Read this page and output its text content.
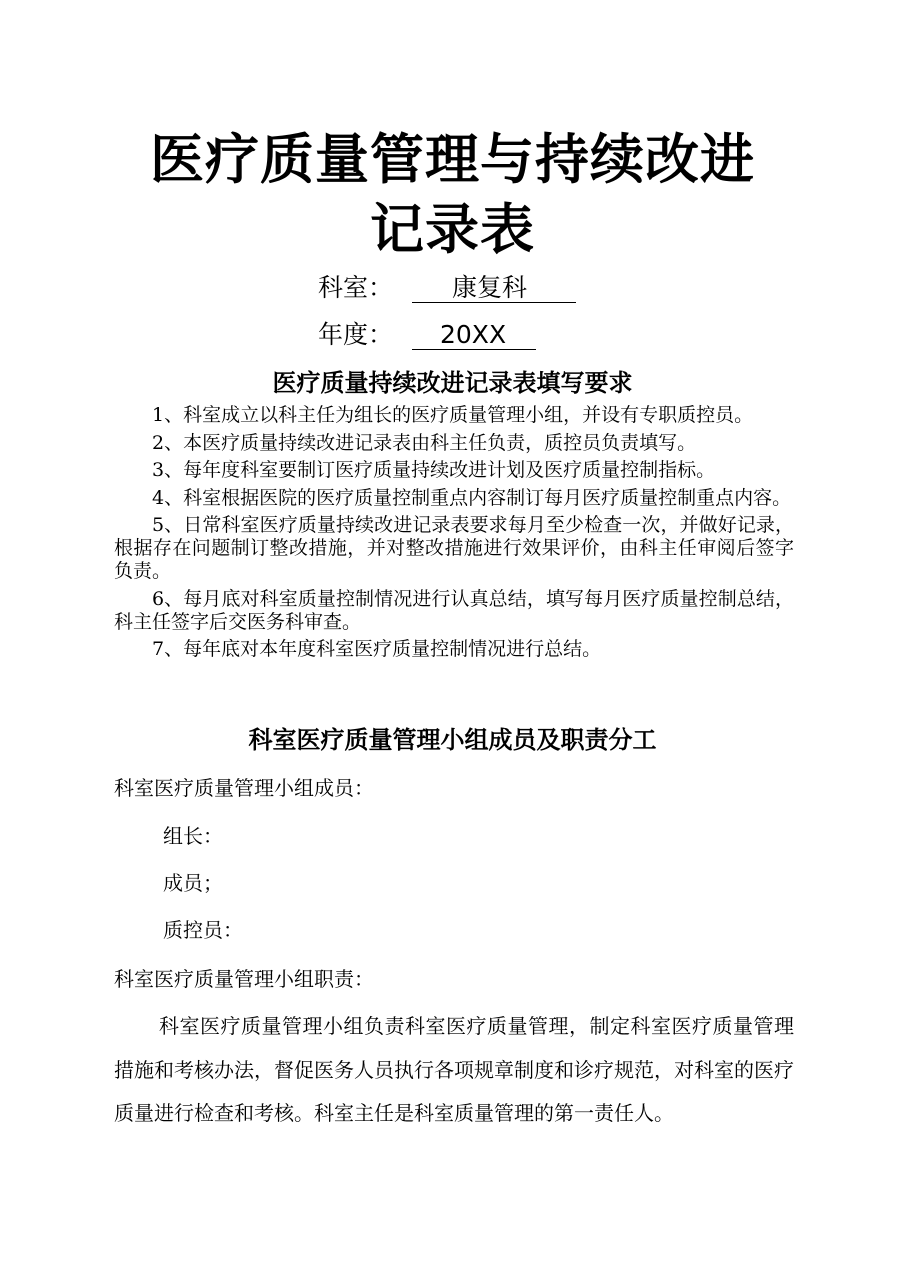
医疗质量管理与持续改进
记录表
科室： 康复科
年度： 20XX
医疗质量持续改进记录表填写要求

1、科室成立以科主任为组长的医疗质量管理小组，并设有专职质控员。

2、本医疗质量持续改进记录表由科主任负责，质控员负责填写。

3、每年度科室要制订医疗质量持续改进计划及医疗质量控制指标。

4、科室根据医院的医疗质量控制重点内容制订每月医疗质量控制重点内容。

5、日常科室医疗质量持续改进记录表要求每月至少检查一次，并做好记录，根据存在问题制订整改措施，并对整改措施进行效果评价，由科主任审阅后签字负责。

6、每月底对科室质量控制情况进行认真总结，填写每月医疗质量控制总结，科主任签字后交医务科审查。

7、每年底对本年度科室医疗质量控制情况进行总结。

科室医疗质量管理小组成员及职责分工
科室医疗质量管理小组成员：
组长：
成员；
质控员：
科室医疗质量管理小组职责：
科室医疗质量管理小组负责科室医疗质量管理，制定科室医疗质量管理措施和考核办法，督促医务人员执行各项规章制度和诊疗规范，对科室的医疗质量进行检查和考核。科室主任是科室质量管理的第一责任人。
